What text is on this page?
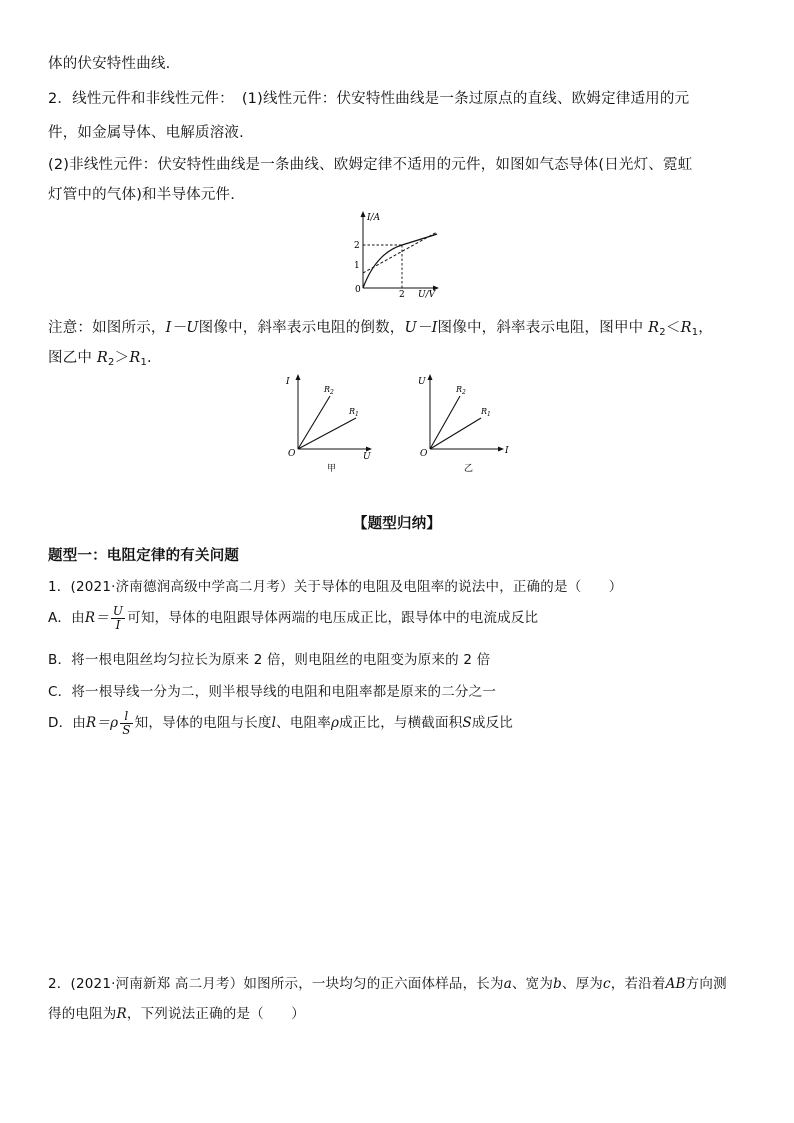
体的伏安特性曲线.
2．线性元件和非线性元件： (1)线性元件：伏安特性曲线是一条过原点的直线、欧姆定律适用的元
件，如金属导体、电解质溶液.
(2)非线性元件：伏安特性曲线是一条曲线、欧姆定律不适用的元件，如图如气态导体(日光灯、霓虹
灯管中的气体)和半导体元件.
I/A
U/V
0
2
1
2
注意：如图所示，I－U图像中，斜率表示电阻的倒数，U－I图像中，斜率表示电阻，图甲中 $R_2<R_1$，
图乙中 $R_2>R_1$.
I
U
O
$R_2$
$R_1$
甲
U
I
O
$R_2$
$R_1$
乙
【题型归纳】
题型一：电阻定律的有关问题
1．(2021·济南德润高级中学高二月考）关于导体的电阻及电阻率的说法中，正确的是（　　）
A．由$R= \frac{U}{I}$ 可知，导体的电阻跟导体两端的电压成正比，跟导体中的电流成反比
B．将一根电阻丝均匀拉长为原来 2 倍，则电阻丝的电阻变为原来的 2 倍
C．将一根导线一分为二，则半根导线的电阻和电阻率都是原来的二分之一
D．由$R=\rho \frac{l}{S}$ 知，导体的电阻与长度l、电阻率ρ成正比，与横截面积S成反比
2．(2021·河南新郑 高二月考）如图所示，一块均匀的正六面体样品，长为a、宽为b、厚为c，若沿着AB方向测
得的电阻为R，下列说法正确的是（　　）
